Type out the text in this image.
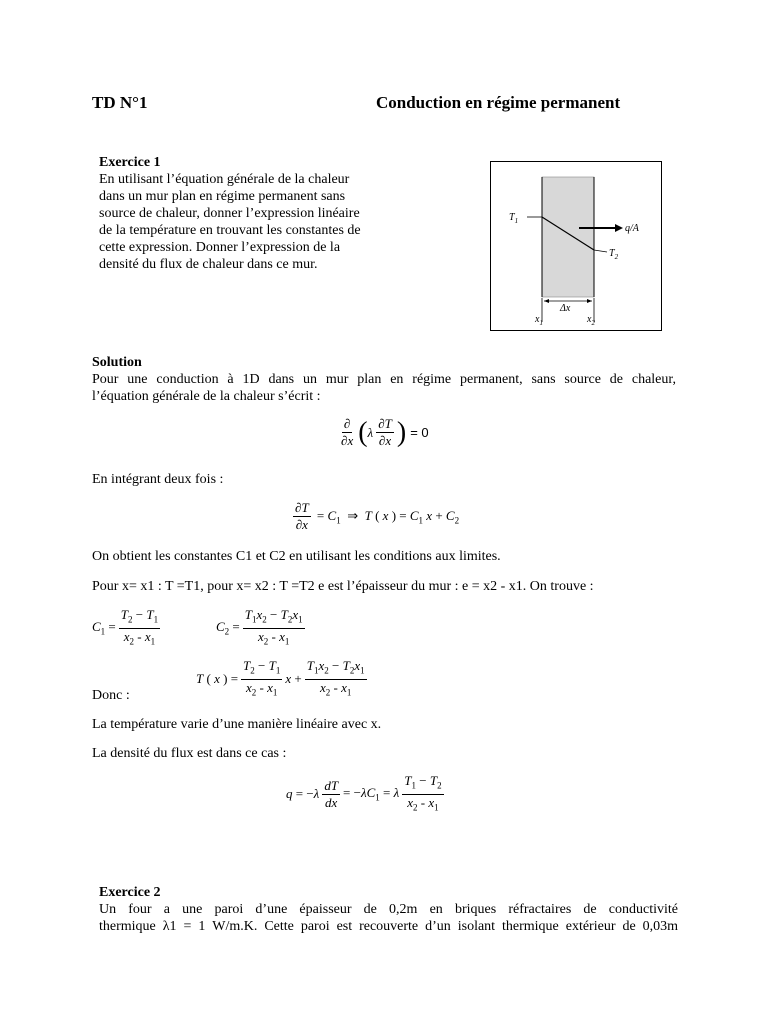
TD N°1	Conduction en régime permanent
Exercice 1
En utilisant l’équation générale de la chaleur
dans un mur plan en régime permanent sans
source de chaleur, donner l’expression linéaire
de la température en trouvant les constantes de
cette expression. Donner l’expression de la
densité du flux de chaleur dans ce mur.
$T_1$
q/A
$T_2$
Δx
$x_1$	$x_2$
Solution
Pour une conduction à 1D dans un mur plan en régime permanent, sans source de chaleur,
l’équation générale de la chaleur s’écrit :
$\frac{\partial}{\partial x}$ ( λ $\frac{\partial T}{\partial x}$ ) = 0
En intégrant deux fois :
$\frac{\partial T}{\partial x} = C_1$  ⇒  T ( x ) = $C_1$ $x + C_2$
On obtient les constantes C1 et C2 en utilisant les conditions aux limites.
Pour x= x1 : T =T1, pour x= x2 : T =T2 e est l’épaisseur du mur : e = x2 - x1. On trouve :
$C_1 = \frac{T_2 - T_1}{x_2 - x_1}$	$C_2 = \frac{T_1x_2 - T_2x_1}{x_2 - x_1}$
T ( x ) = $\frac{T_2 - T_1}{x_2 - x_1}$ $x + \frac{T_1x_2 - T_2x_1}{x_2 - x_1}$
Donc :
La température varie d’une manière linéaire avec x.
La densité du flux est dans ce cas :
$q = -\lambda \frac{dT}{dx} = -\lambda C_1 = \lambda \frac{T_1 - T_2}{x_2 - x_1}$
Exercice 2
Un four a une paroi d’une épaisseur de 0,2m en briques réfractaires de conductivité
thermique λ1 = 1 W/m.K. Cette paroi est recouverte d’un isolant thermique extérieur de 0,03m
